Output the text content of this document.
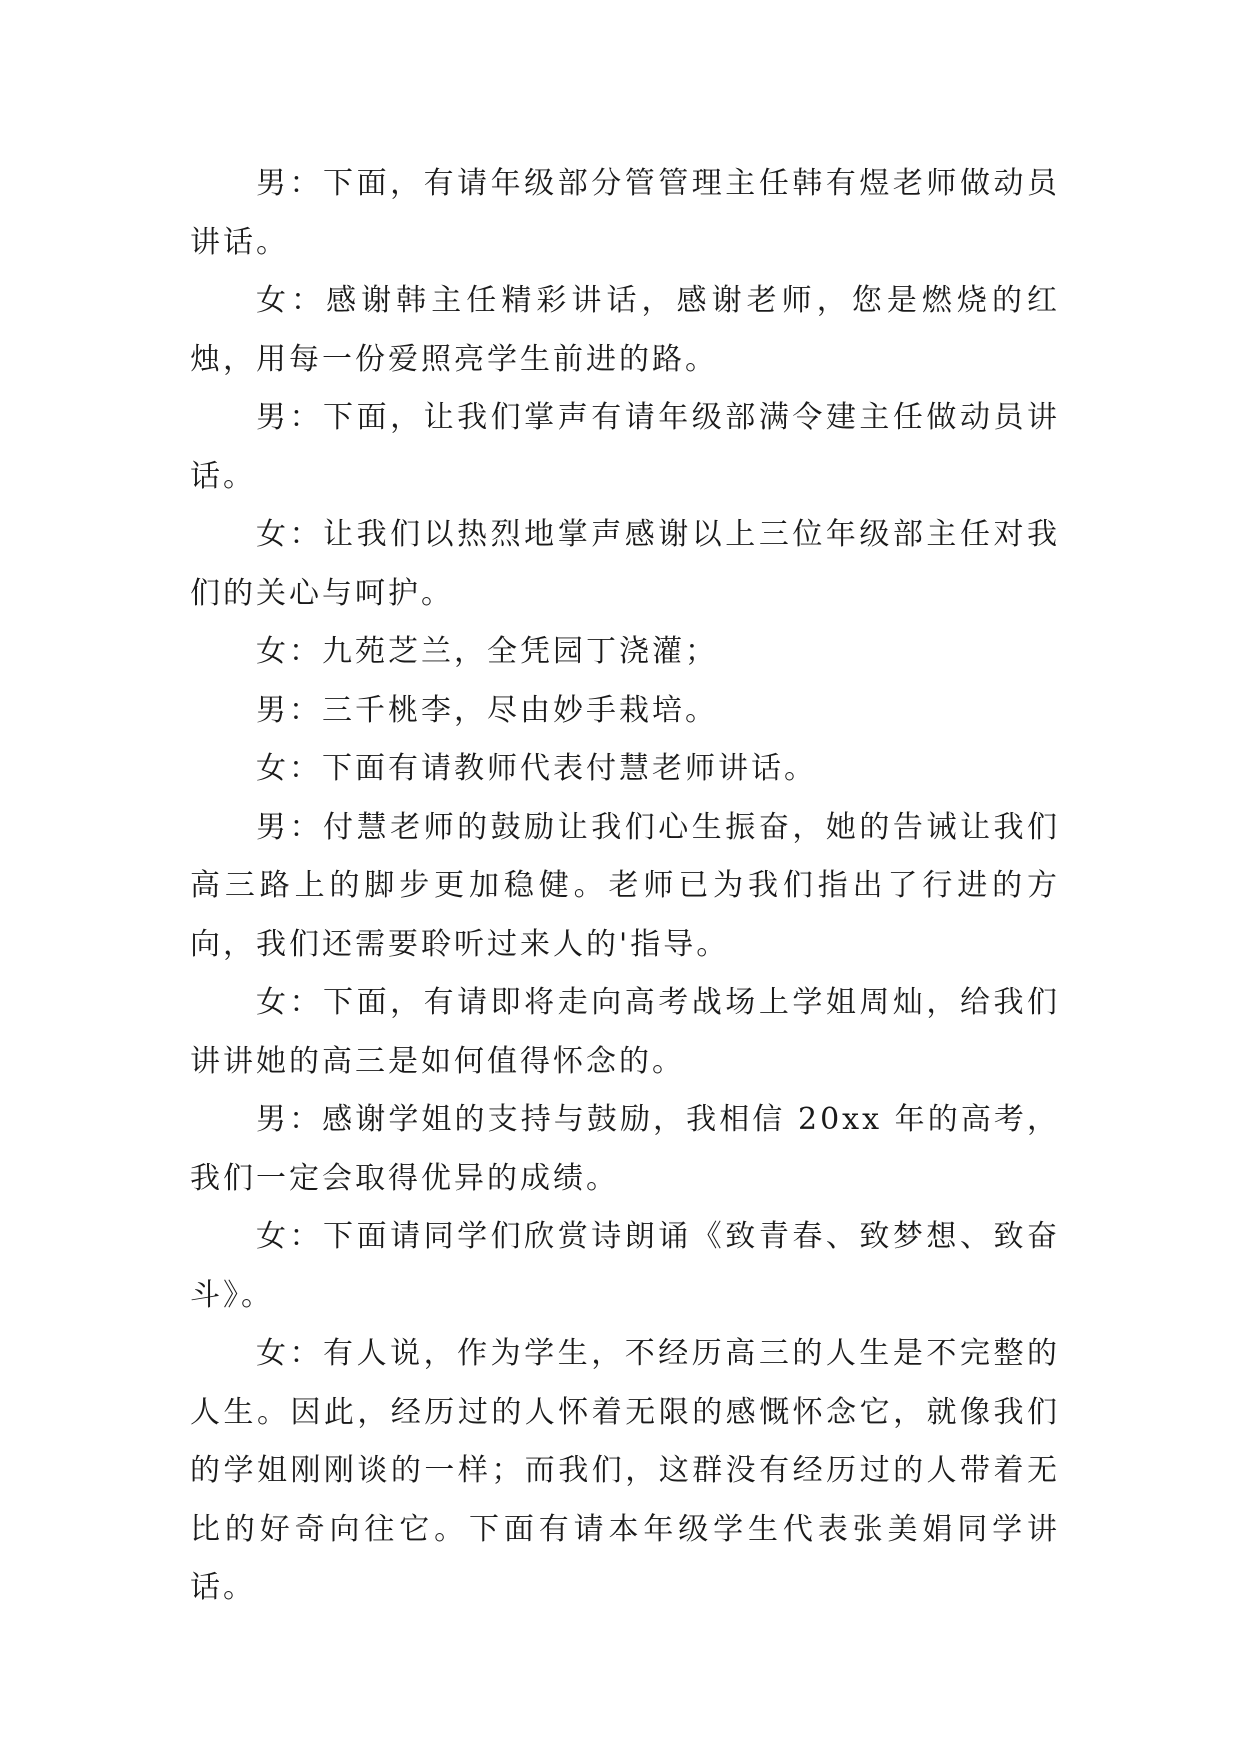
男：下面，有请年级部分管管理主任韩有煜老师做动员讲话。

女：感谢韩主任精彩讲话，感谢老师，您是燃烧的红烛，用每一份爱照亮学生前进的路。

男：下面，让我们掌声有请年级部满令建主任做动员讲话。

女：让我们以热烈地掌声感谢以上三位年级部主任对我们的关心与呵护。

女：九苑芝兰，全凭园丁浇灌；

男：三千桃李，尽由妙手栽培。

女：下面有请教师代表付慧老师讲话。

男：付慧老师的鼓励让我们心生振奋，她的告诫让我们高三路上的脚步更加稳健。老师已为我们指出了行进的方向，我们还需要聆听过来人的'指导。

女：下面，有请即将走向高考战场上学姐周灿，给我们讲讲她的高三是如何值得怀念的。

男：感谢学姐的支持与鼓励，我相信 20xx 年的高考，我们一定会取得优异的成绩。

女：下面请同学们欣赏诗朗诵《致青春、致梦想、致奋斗》。

女：有人说，作为学生，不经历高三的人生是不完整的人生。因此，经历过的人怀着无限的感慨怀念它，就像我们的学姐刚刚谈的一样；而我们，这群没有经历过的人带着无比的好奇向往它。下面有请本年级学生代表张美娟同学讲话。
